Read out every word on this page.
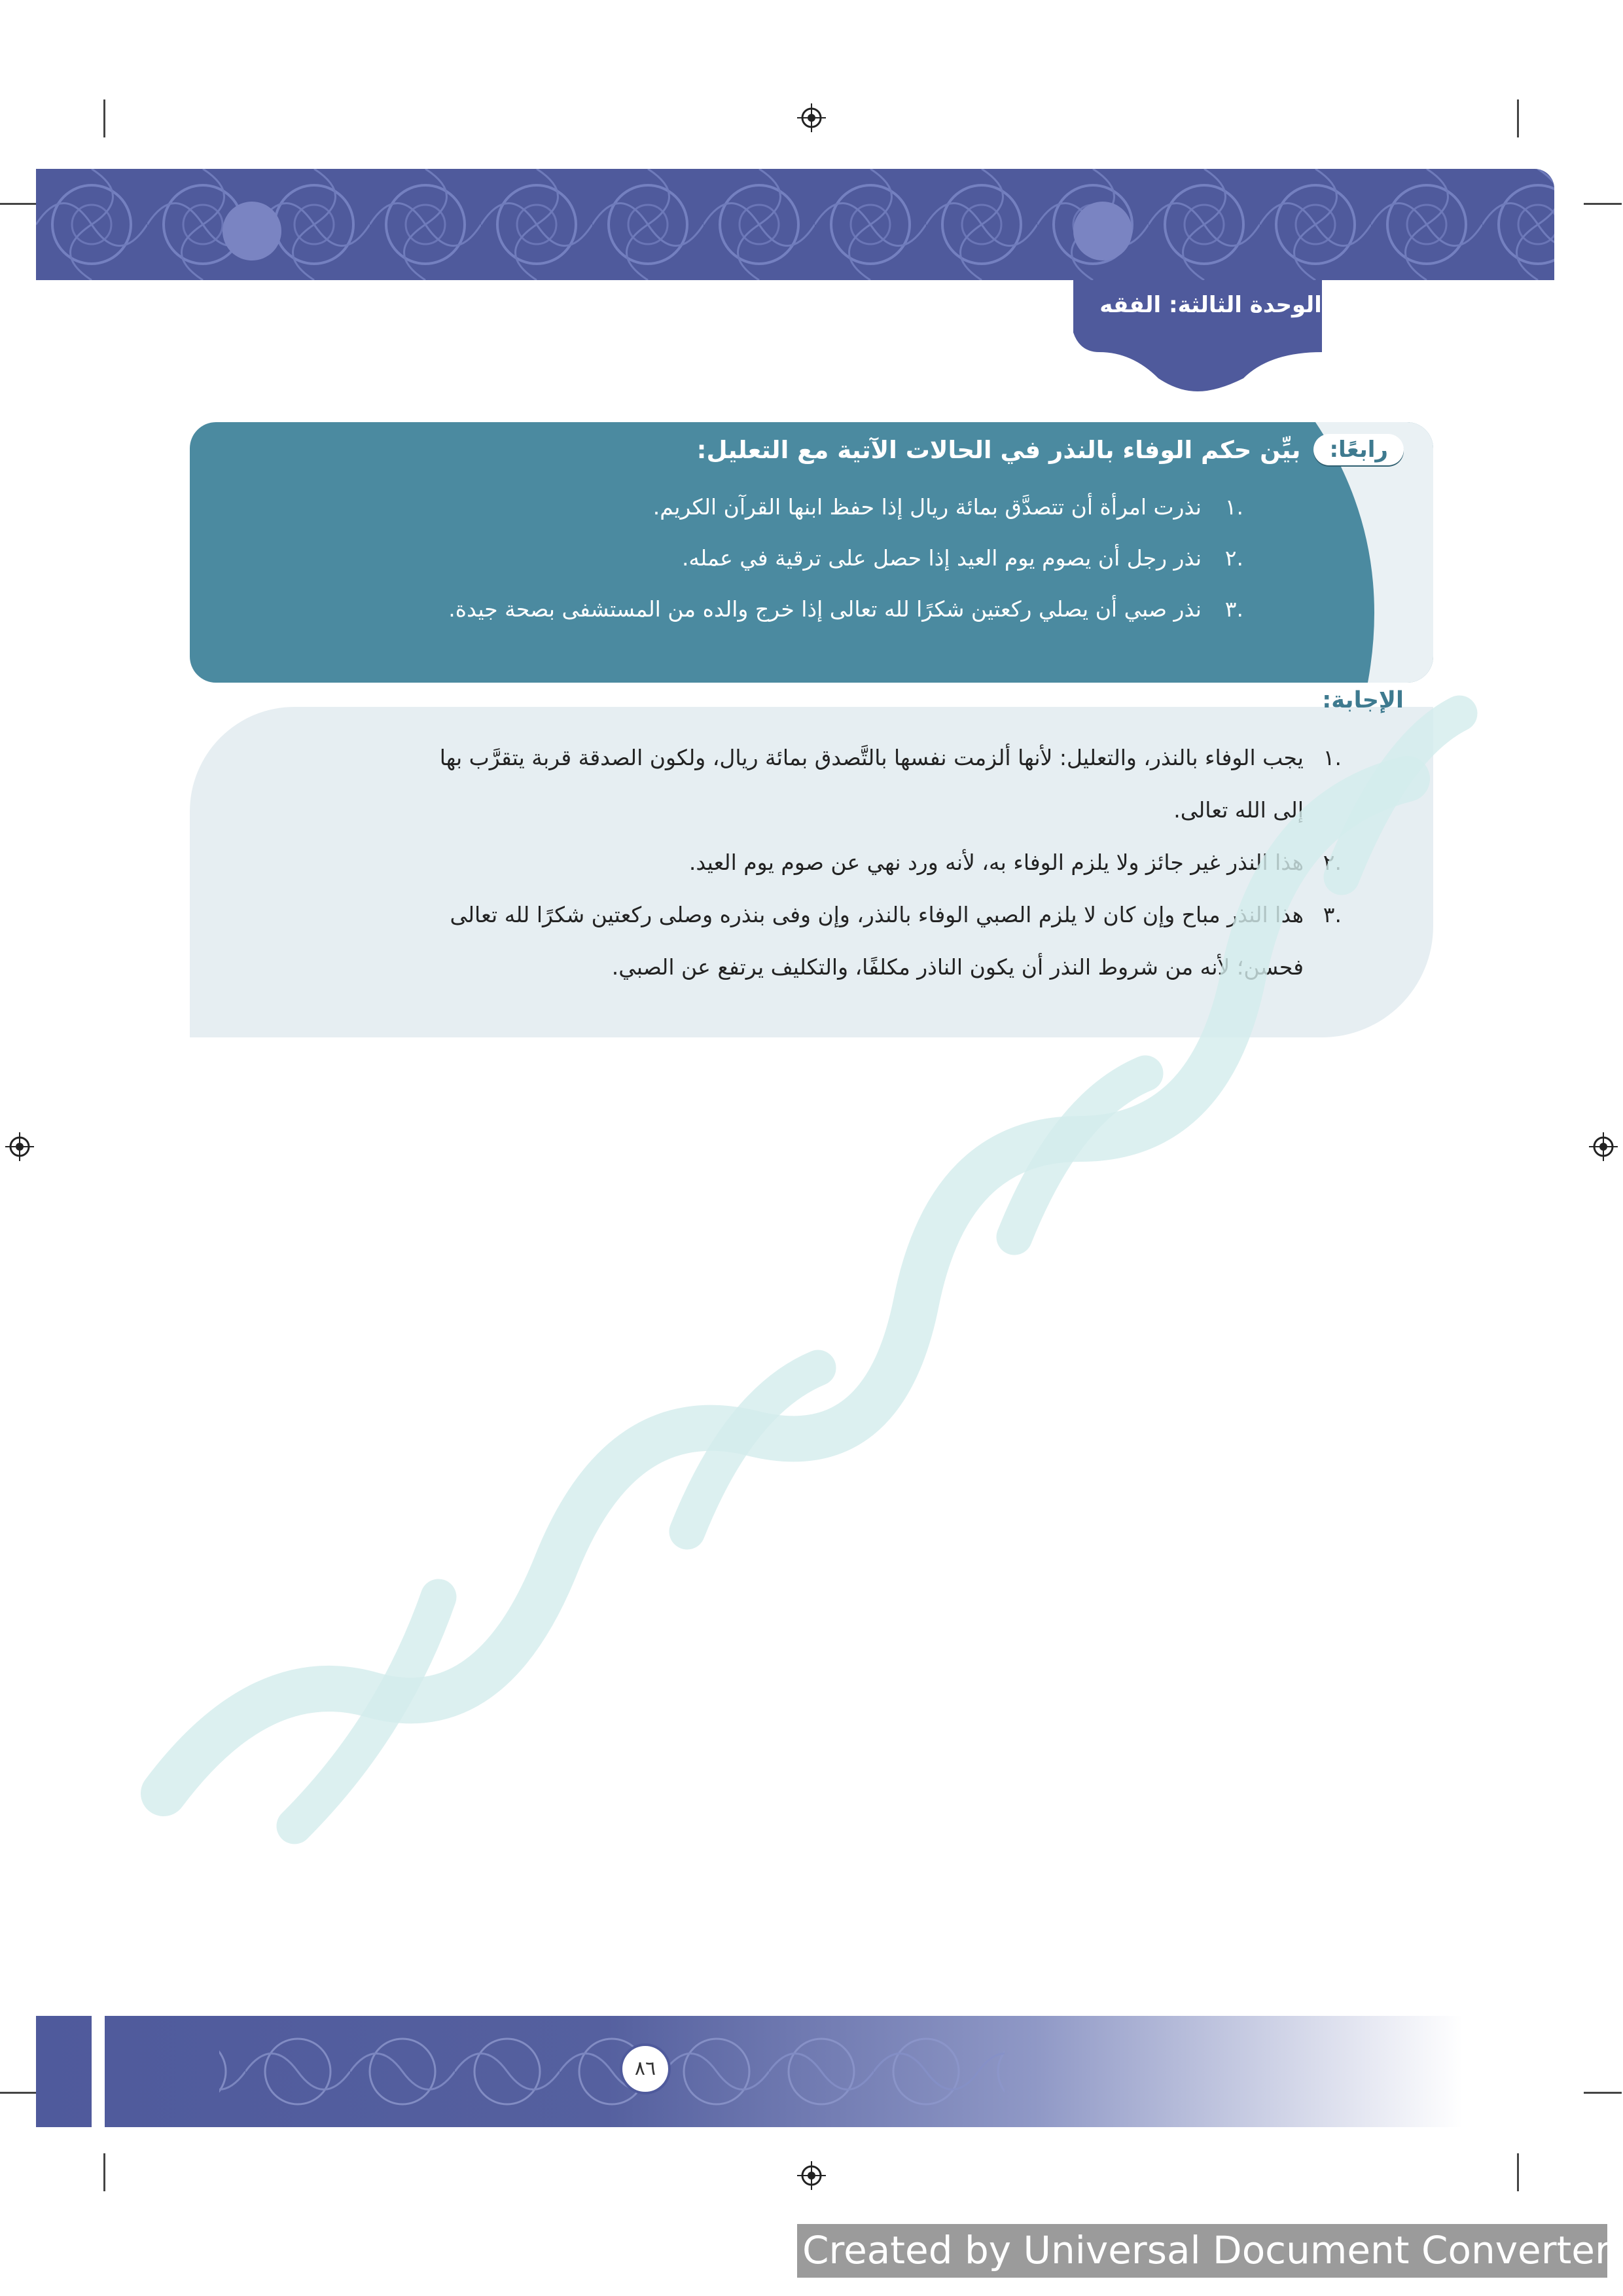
الوحدة الثالثة: الفقه
رابعًا:
بيِّن حكم الوفاء بالنذر في الحالات الآتية مع التعليل:
.١نذرت امرأة أن تتصدَّق بمائة ريال إذا حفظ ابنها القرآن الكريم.
.٢نذر رجل أن يصوم يوم العيد إذا حصل على ترقية في عمله.
.٣نذر صبي أن يصلي ركعتين شكرًا لله تعالى إذا خرج والده من المستشفى بصحة جيدة.
الإجابة:
.١
يجب الوفاء بالنذر، والتعليل: لأنها ألزمت نفسها بالتَّصدق بمائة ريال، ولكون الصدقة قربة يتقرَّب بها
إلى الله تعالى.
.٢
هذا النذر غير جائز ولا يلزم الوفاء به، لأنه ورد نهي عن صوم يوم العيد.
.٣
هذا النذر مباح وإن كان لا يلزم الصبي الوفاء بالنذر، وإن وفى بنذره وصلى ركعتين شكرًا لله تعالى
فحسن؛ لأنه من شروط النذر أن يكون الناذر مكلفًا، والتكليف يرتفع عن الصبي.
٨٦
Created by Universal Document Converter
